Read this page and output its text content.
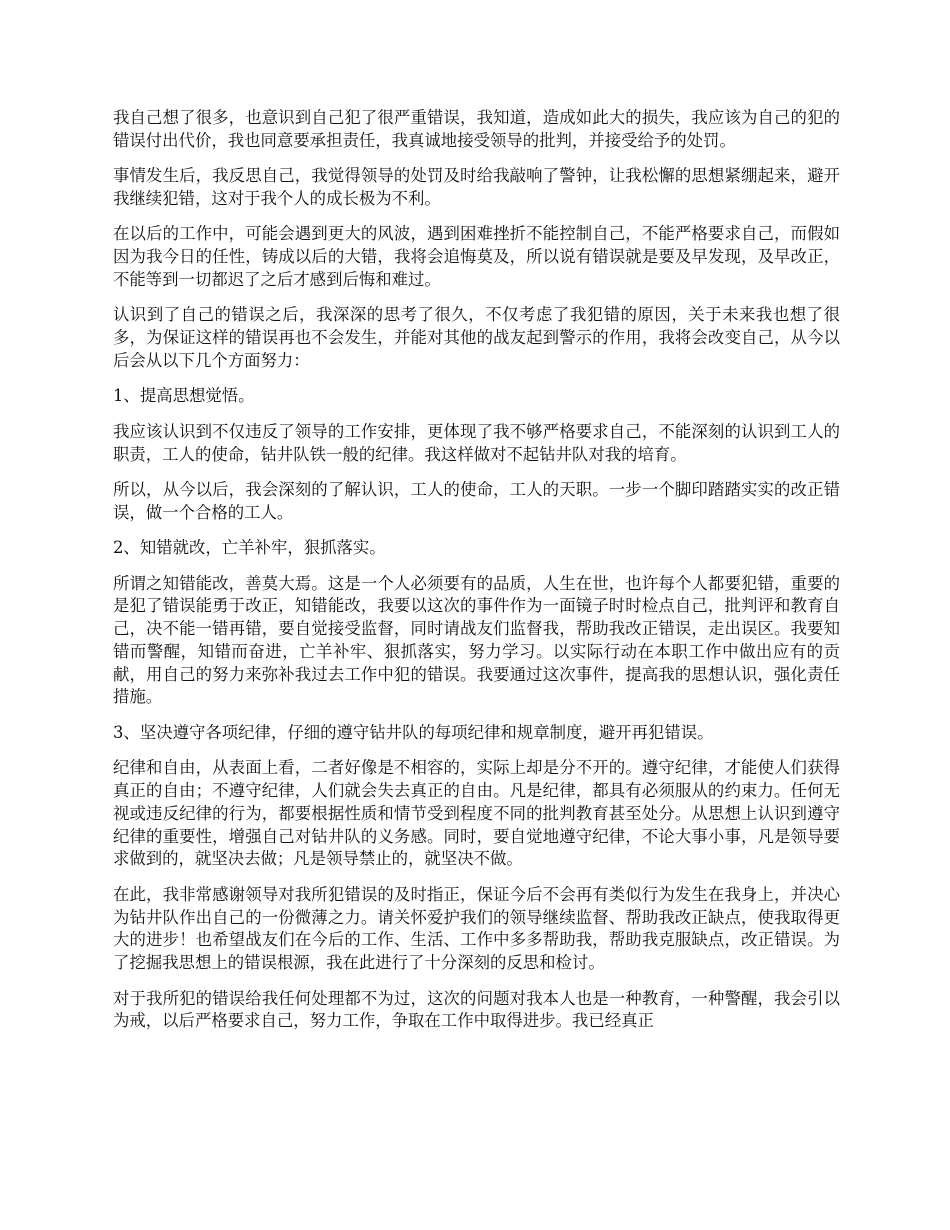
我自己想了很多，也意识到自己犯了很严重错误，我知道，造成如此大的损失，我应该为自己的犯的错误付出代价，我也同意要承担责任，我真诚地接受领导的批判，并接受给予的处罚。

事情发生后，我反思自己，我觉得领导的处罚及时给我敲响了警钟，让我松懈的思想紧绷起来，避开我继续犯错，这对于我个人的成长极为不利。

在以后的工作中，可能会遇到更大的风波，遇到困难挫折不能控制自己，不能严格要求自己，而假如因为我今日的任性，铸成以后的大错，我将会追悔莫及，所以说有错误就是要及早发现，及早改正，不能等到一切都迟了之后才感到后悔和难过。

认识到了自己的错误之后，我深深的思考了很久，不仅考虑了我犯错的原因，关于未来我也想了很多，为保证这样的错误再也不会发生，并能对其他的战友起到警示的作用，我将会改变自己，从今以后会从以下几个方面努力：

1、提高思想觉悟。

我应该认识到不仅违反了领导的工作安排，更体现了我不够严格要求自己，不能深刻的认识到工人的职责，工人的使命，钻井队铁一般的纪律。我这样做对不起钻井队对我的培育。

所以，从今以后，我会深刻的了解认识，工人的使命，工人的天职。一步一个脚印踏踏实实的改正错误，做一个合格的工人。

2、知错就改，亡羊补牢，狠抓落实。

所谓之知错能改，善莫大焉。这是一个人必须要有的品质，人生在世，也许每个人都要犯错，重要的是犯了错误能勇于改正，知错能改，我要以这次的事件作为一面镜子时时检点自己，批判评和教育自己，决不能一错再错，要自觉接受监督，同时请战友们监督我，帮助我改正错误，走出误区。我要知错而警醒，知错而奋进，亡羊补牢、狠抓落实，努力学习。以实际行动在本职工作中做出应有的贡献，用自己的努力来弥补我过去工作中犯的错误。我要通过这次事件，提高我的思想认识，强化责任措施。

3、坚决遵守各项纪律，仔细的遵守钻井队的每项纪律和规章制度，避开再犯错误。

纪律和自由，从表面上看，二者好像是不相容的，实际上却是分不开的。遵守纪律，才能使人们获得真正的自由；不遵守纪律，人们就会失去真正的自由。凡是纪律，都具有必须服从的约束力。任何无视或违反纪律的行为，都要根据性质和情节受到程度不同的批判教育甚至处分。从思想上认识到遵守纪律的重要性，增强自己对钻井队的义务感。同时，要自觉地遵守纪律，不论大事小事，凡是领导要求做到的，就坚决去做；凡是领导禁止的，就坚决不做。

在此，我非常感谢领导对我所犯错误的及时指正，保证今后不会再有类似行为发生在我身上，并决心为钻井队作出自己的一份微薄之力。请关怀爱护我们的领导继续监督、帮助我改正缺点，使我取得更大的进步！也希望战友们在今后的工作、生活、工作中多多帮助我，帮助我克服缺点，改正错误。为了挖掘我思想上的错误根源，我在此进行了十分深刻的反思和检讨。

对于我所犯的错误给我任何处理都不为过，这次的问题对我本人也是一种教育，一种警醒，我会引以为戒，以后严格要求自己，努力工作，争取在工作中取得进步。我已经真正
